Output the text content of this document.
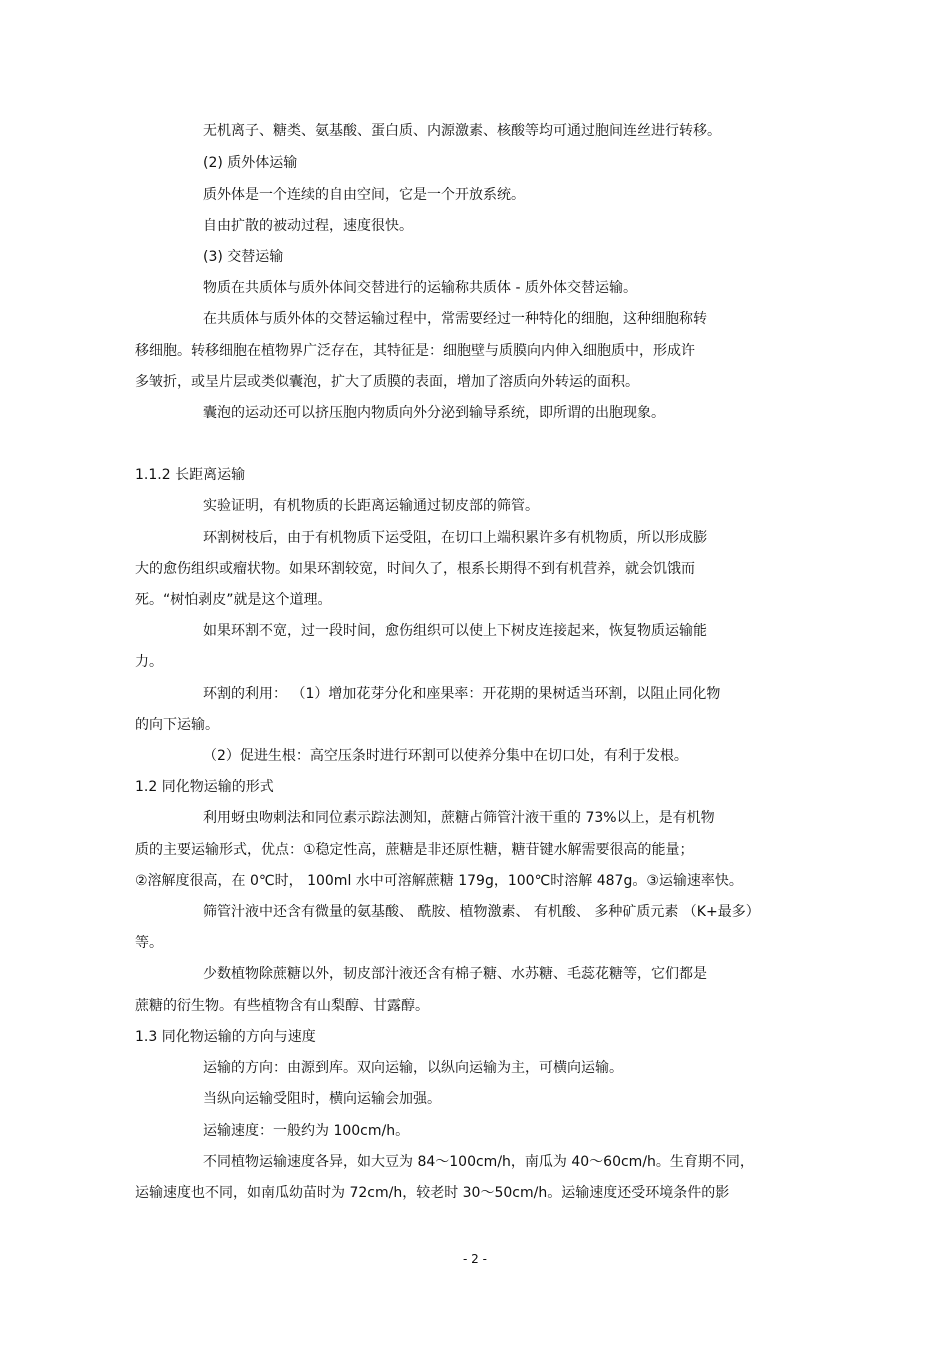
无机离子、糖类、氨基酸、蛋白质、内源激素、核酸等均可通过胞间连丝进行转移。
(2) 质外体运输
质外体是一个连续的自由空间，它是一个开放系统。
自由扩散的被动过程，速度很快。
(3) 交替运输
物质在共质体与质外体间交替进行的运输称共质体 - 质外体交替运输。
在共质体与质外体的交替运输过程中，常需要经过一种特化的细胞，这种细胞称转
移细胞。转移细胞在植物界广泛存在，其特征是：细胞壁与质膜向内伸入细胞质中，形成许
多皱折，或呈片层或类似囊泡，扩大了质膜的表面，增加了溶质向外转运的面积。
囊泡的运动还可以挤压胞内物质向外分泌到输导系统，即所谓的出胞现象。
1.1.2 长距离运输
实验证明，有机物质的长距离运输通过韧皮部的筛管。
环割树枝后，由于有机物质下运受阻，在切口上端积累许多有机物质，所以形成膨
大的愈伤组织或瘤状物。如果环割较宽，时间久了，根系长期得不到有机营养，就会饥饿而
死。“树怕剥皮”就是这个道理。
如果环割不宽，过一段时间，愈伤组织可以使上下树皮连接起来，恢复物质运输能
力。
环割的利用： （1）增加花芽分化和座果率：开花期的果树适当环割，以阻止同化物
的向下运输。
（2）促进生根：高空压条时进行环割可以使养分集中在切口处，有利于发根。
1.2 同化物运输的形式
利用蚜虫吻刺法和同位素示踪法测知，蔗糖占筛管汁液干重的 73%以上，是有机物
质的主要运输形式，优点：①稳定性高，蔗糖是非还原性糖，糖苷键水解需要很高的能量；
②溶解度很高，在 0℃时， 100ml 水中可溶解蔗糖 179g，100℃时溶解 487g。③运输速率快。
筛管汁液中还含有微量的氨基酸、 酰胺、植物激素、 有机酸、 多种矿质元素 （K+最多）
等。
少数植物除蔗糖以外，韧皮部汁液还含有棉子糖、水苏糖、毛蕊花糖等，它们都是
蔗糖的衍生物。有些植物含有山梨醇、甘露醇。
1.3 同化物运输的方向与速度
运输的方向：由源到库。双向运输，以纵向运输为主，可横向运输。
当纵向运输受阻时，横向运输会加强。
运输速度：一般约为 100cm/h。
不同植物运输速度各异，如大豆为 84～100cm/h，南瓜为 40～60cm/h。生育期不同，
运输速度也不同，如南瓜幼苗时为 72cm/h，较老时 30～50cm/h。运输速度还受环境条件的影
- 2 -
